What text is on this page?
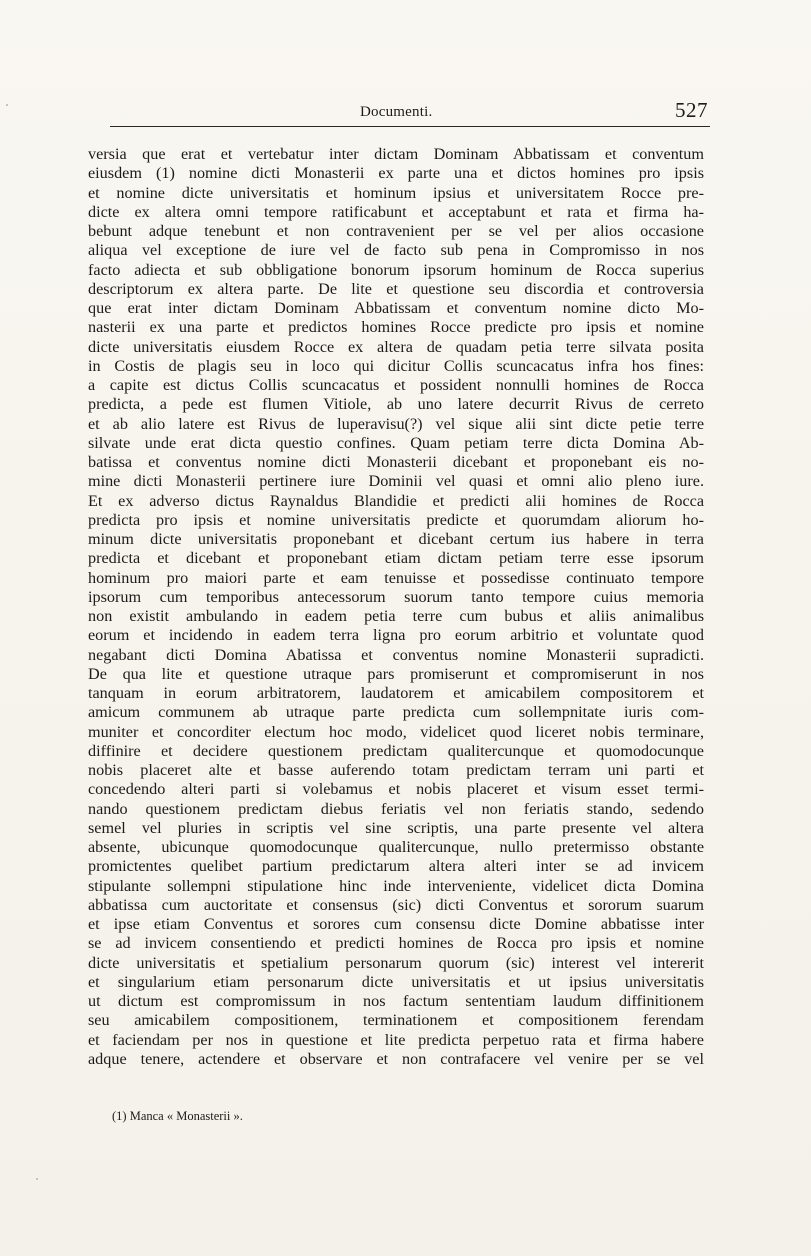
Documenti.	527
versia que erat et vertebatur inter dictam Dominam Abbatissam et conventum
eiusdem (1) nomine dicti Monasterii ex parte una et dictos homines pro ipsis
et nomine dicte universitatis et hominum ipsius et universitatem Rocce pre-
dicte ex altera omni tempore ratificabunt et acceptabunt et rata et firma ha-
bebunt adque tenebunt et non contravenient per se vel per alios occasione
aliqua vel exceptione de iure vel de facto sub pena in Compromisso in nos
facto adiecta et sub obbligatione bonorum ipsorum hominum de Rocca superius
descriptorum ex altera parte. De lite et questione seu discordia et controversia
que erat inter dictam Dominam Abbatissam et conventum nomine dicto Mo-
nasterii ex una parte et predictos homines Rocce predicte pro ipsis et nomine
dicte universitatis eiusdem Rocce ex altera de quadam petia terre silvata posita
in Costis de plagis seu in loco qui dicitur Collis scuncacatus infra hos fines:
a capite est dictus Collis scuncacatus et possident nonnulli homines de Rocca
predicta, a pede est flumen Vitiole, ab uno latere decurrit Rivus de cerreto
et ab alio latere est Rivus de luperavisu(?) vel sique alii sint dicte petie terre
silvate unde erat dicta questio confines. Quam petiam terre dicta Domina Ab-
batissa et conventus nomine dicti Monasterii dicebant et proponebant eis no-
mine dicti Monasterii pertinere iure Dominii vel quasi et omni alio pleno iure.
Et ex adverso dictus Raynaldus Blandidie et predicti alii homines de Rocca
predicta pro ipsis et nomine universitatis predicte et quorumdam aliorum ho-
minum dicte universitatis proponebant et dicebant certum ius habere in terra
predicta et dicebant et proponebant etiam dictam petiam terre esse ipsorum
hominum pro maiori parte et eam tenuisse et possedisse continuato tempore
ipsorum cum temporibus antecessorum suorum tanto tempore cuius memoria
non existit ambulando in eadem petia terre cum bubus et aliis animalibus
eorum et incidendo in eadem terra ligna pro eorum arbitrio et voluntate quod
negabant dicti Domina Abatissa et conventus nomine Monasterii supradicti.
De qua lite et questione utraque pars promiserunt et compromiserunt in nos
tanquam in eorum arbitratorem, laudatorem et amicabilem compositorem et
amicum communem ab utraque parte predicta cum sollempnitate iuris com-
muniter et concorditer electum hoc modo, videlicet quod liceret nobis terminare,
diffinire et decidere questionem predictam qualitercunque et quomodocunque
nobis placeret alte et basse auferendo totam predictam terram uni parti et
concedendo alteri parti si volebamus et nobis placeret et visum esset termi-
nando questionem predictam diebus feriatis vel non feriatis stando, sedendo
semel vel pluries in scriptis vel sine scriptis, una parte presente vel altera
absente, ubicunque quomodocunque qualitercunque, nullo pretermisso obstante
promictentes quelibet partium predictarum altera alteri inter se ad invicem
stipulante sollempni stipulatione hinc inde interveniente, videlicet dicta Domina
abbatissa cum auctoritate et consensus (sic) dicti Conventus et sororum suarum
et ipse etiam Conventus et sorores cum consensu dicte Domine abbatisse inter
se ad invicem consentiendo et predicti homines de Rocca pro ipsis et nomine
dicte universitatis et spetialium personarum quorum (sic) interest vel intererit
et singularium etiam personarum dicte universitatis et ut ipsius universitatis
ut dictum est compromissum in nos factum sententiam laudum diffinitionem
seu amicabilem compositionem, terminationem et compositionem ferendam
et faciendam per nos in questione et lite predicta perpetuo rata et firma habere
adque tenere, actendere et observare et non contrafacere vel venire per se vel
(1) Manca « Monasterii ».
